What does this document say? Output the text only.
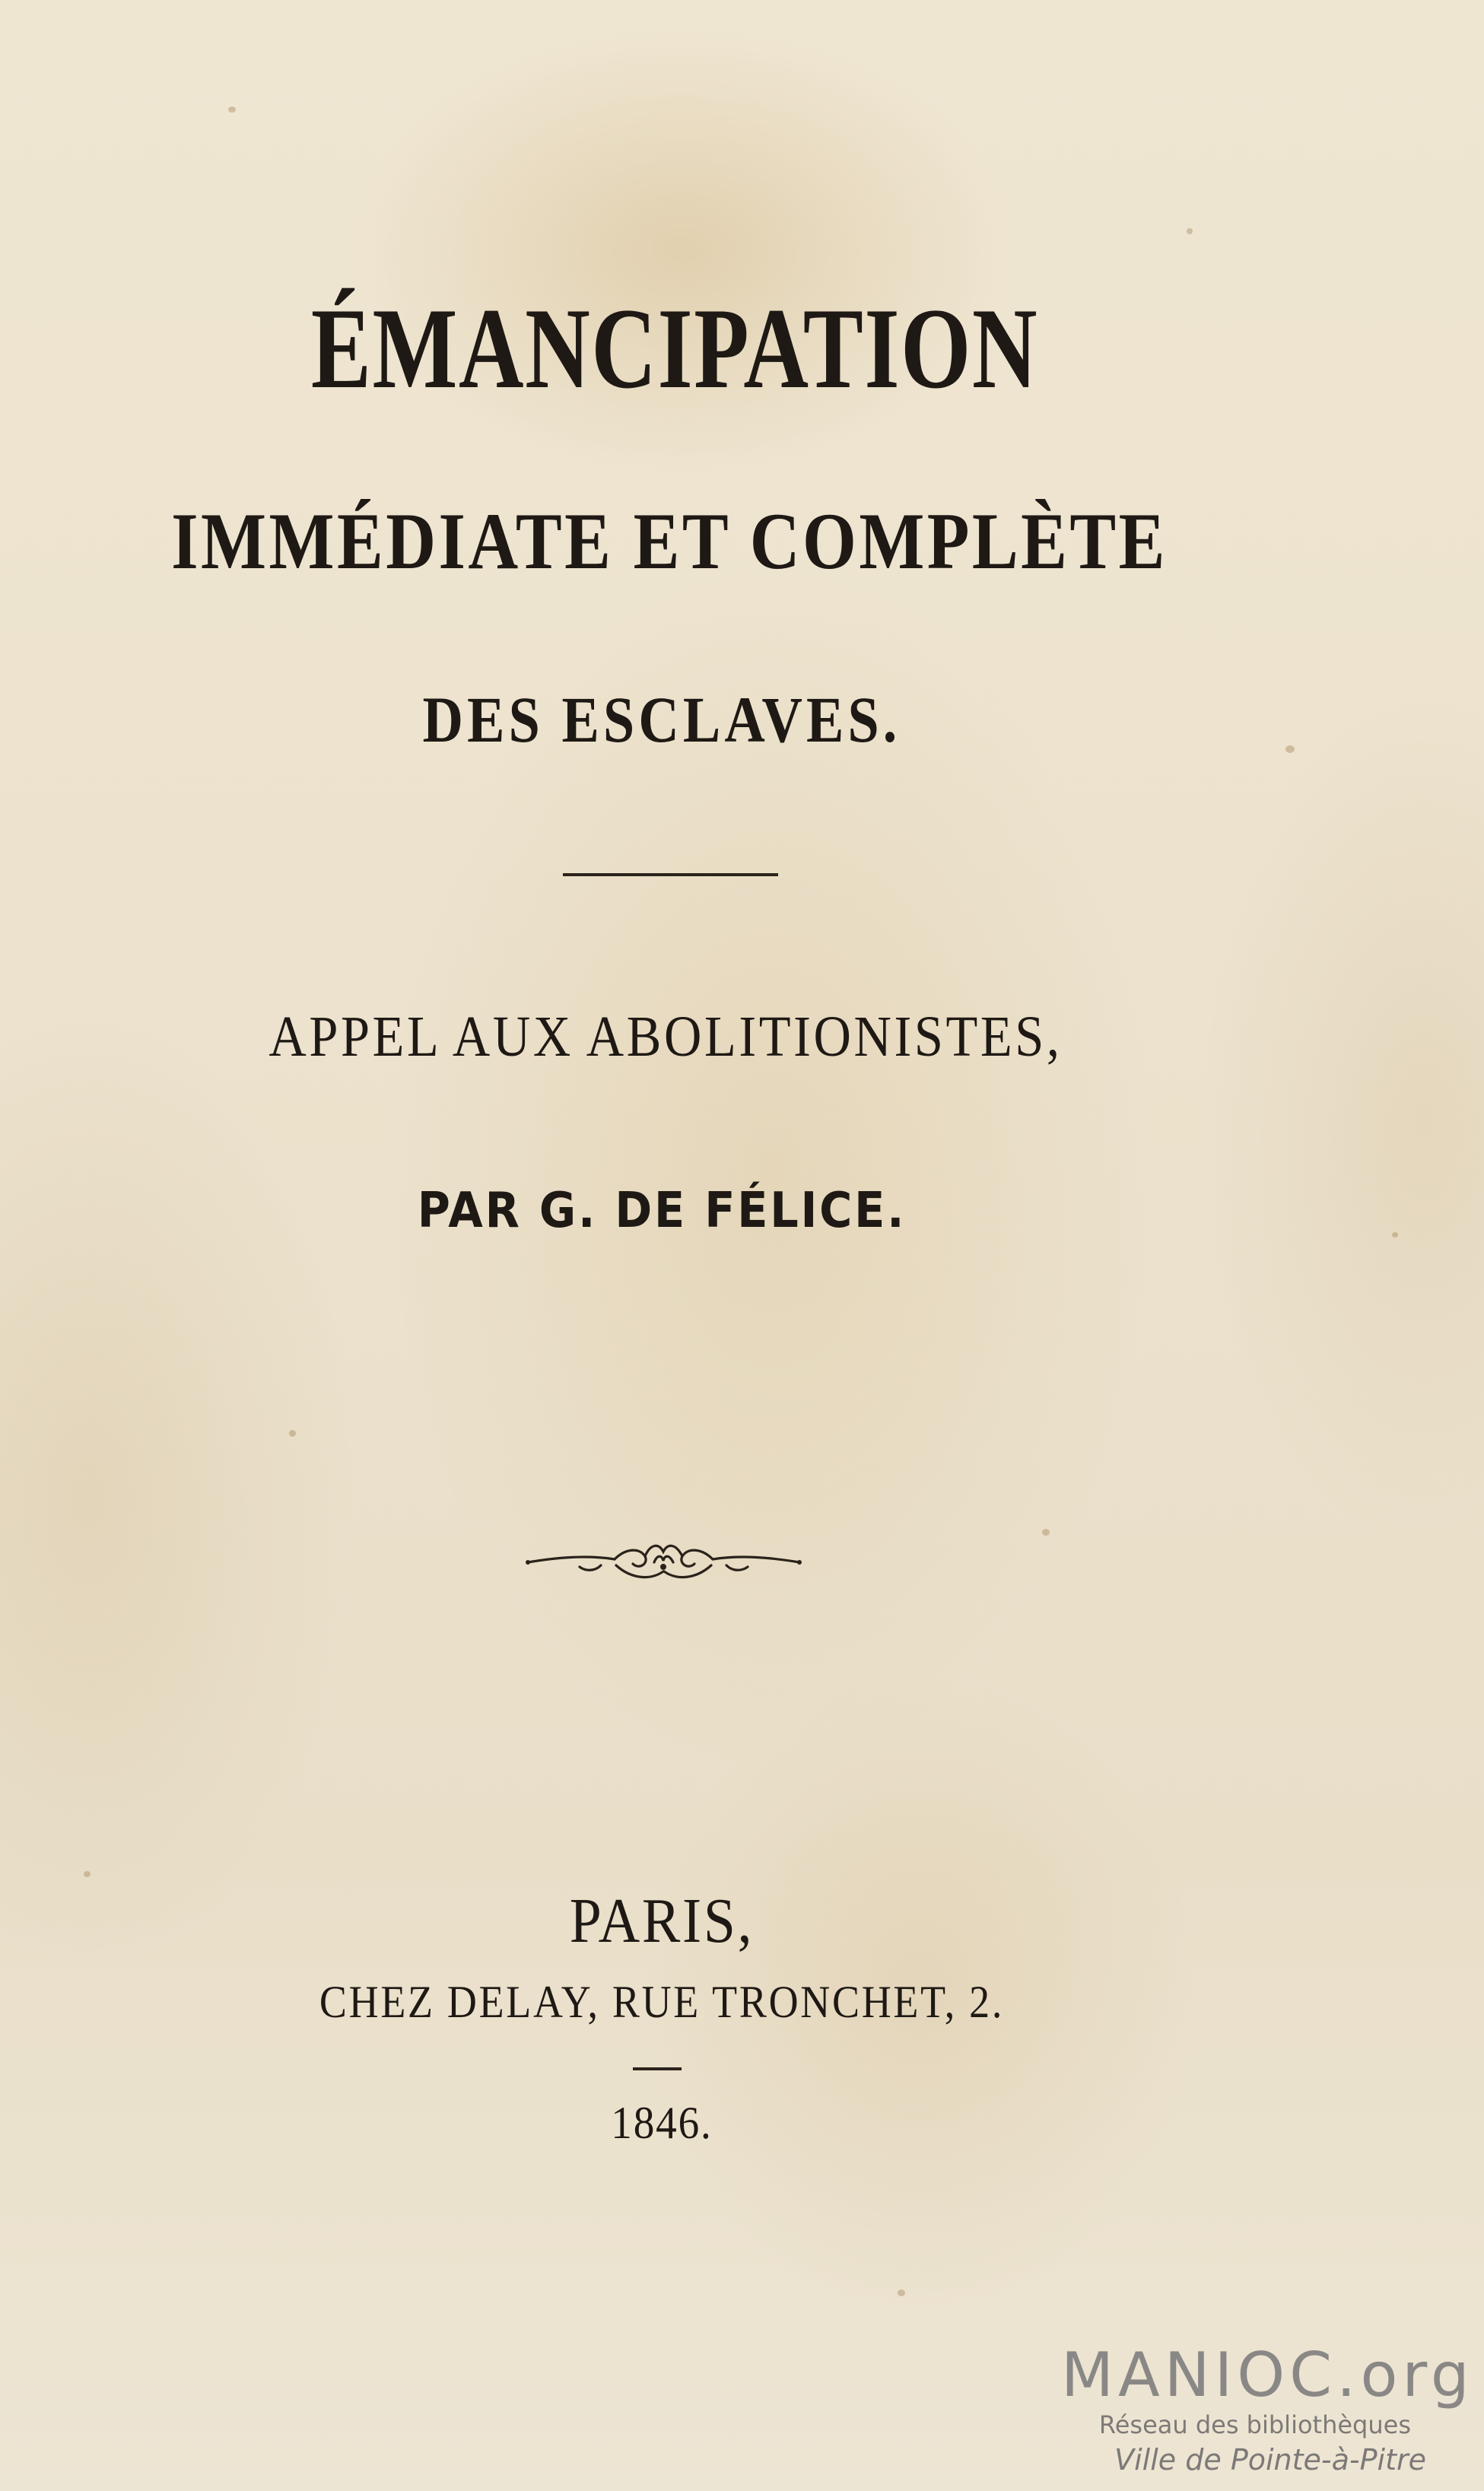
ÉMANCIPATION
IMMÉDIATE ET COMPLÈTE
DES ESCLAVES.
APPEL AUX ABOLITIONISTES,
PAR G. DE FÉLICE.
PARIS,
CHEZ DELAY, RUE TRONCHET, 2.
1846.
MANIOC.org
Réseau des bibliothèques
Ville de Pointe-à-Pitre
